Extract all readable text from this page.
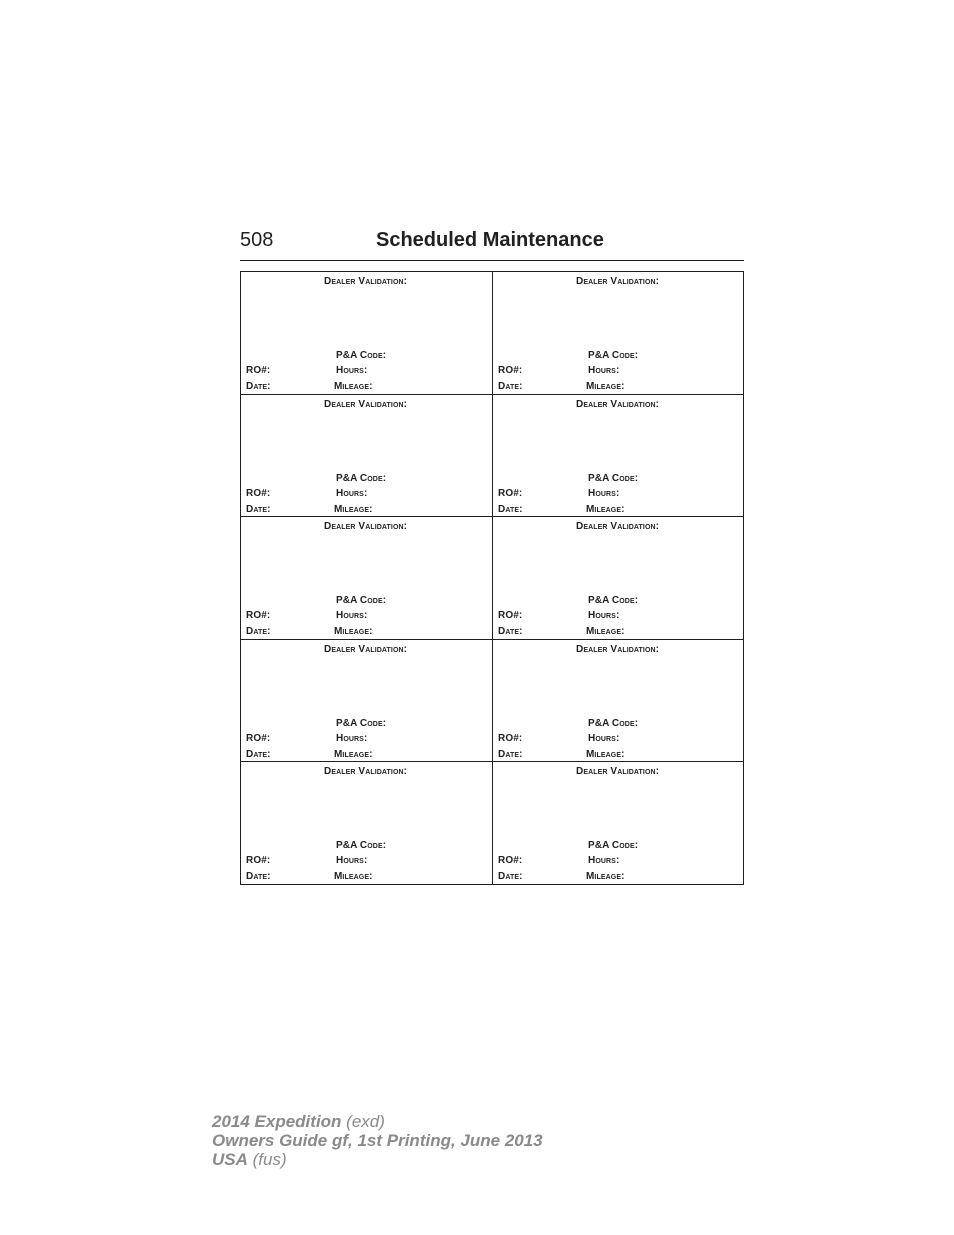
508	Scheduled Maintenance
Dealer Validation:
P&A Code:
RO#:	Hours:
Date:	Mileage:
Dealer Validation:
P&A Code:
RO#:	Hours:
Date:	Mileage:
Dealer Validation:
P&A Code:
RO#:	Hours:
Date:	Mileage:
Dealer Validation:
P&A Code:
RO#:	Hours:
Date:	Mileage:
Dealer Validation:
P&A Code:
RO#:	Hours:
Date:	Mileage:
Dealer Validation:
P&A Code:
RO#:	Hours:
Date:	Mileage:
Dealer Validation:
P&A Code:
RO#:	Hours:
Date:	Mileage:
Dealer Validation:
P&A Code:
RO#:	Hours:
Date:	Mileage:
Dealer Validation:
P&A Code:
RO#:	Hours:
Date:	Mileage:
Dealer Validation:
P&A Code:
RO#:	Hours:
Date:	Mileage:
2014 Expedition (exd)
Owners Guide gf, 1st Printing, June 2013
USA (fus)
